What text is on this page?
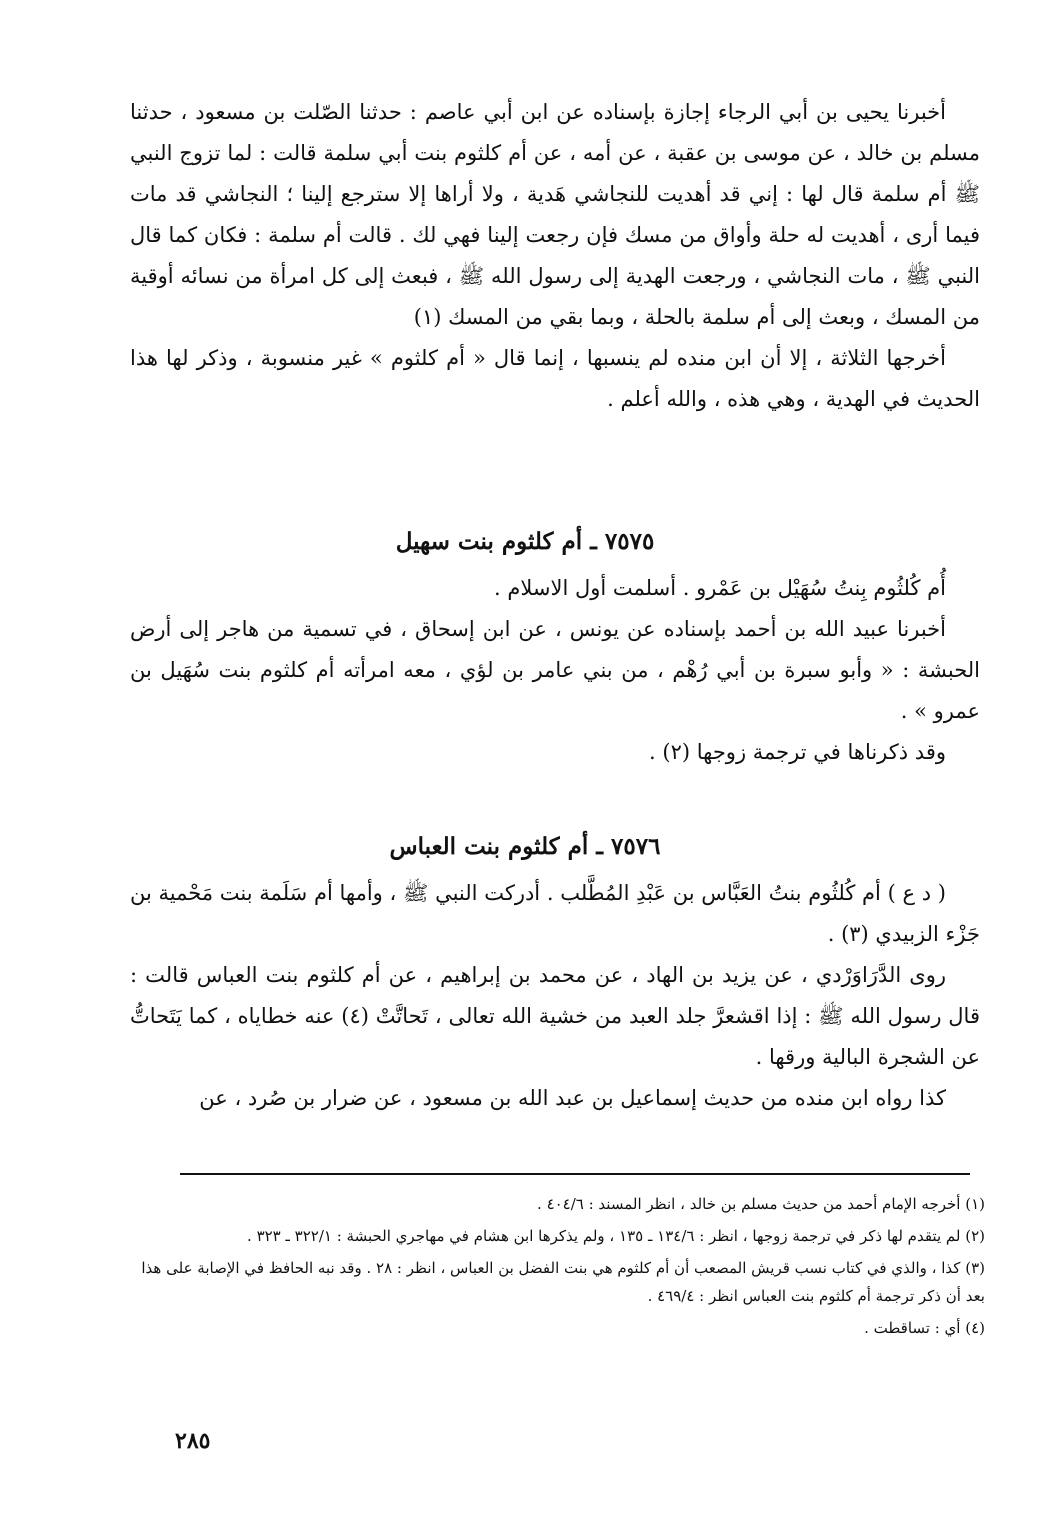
أخبرنا يحيى بن أبي الرجاء إجازة بإسناده عن ابن أبي عاصم : حدثنا الصّلت بن مسعود ، حدثنا مسلم بن خالد ، عن موسى بن عقبة ، عن أمه ، عن أم كلثوم بنت أبي سلمة قالت : لما تزوج النبي ﷺ أم سلمة قال لها : إني قد أهديت للنجاشي هَدية ، ولا أراها إلا سترجع إلينا ؛ النجاشي قد مات فيما أرى ، أهديت له حلة وأواق من مسك فإن رجعت إلينا فهي لك . قالت أم سلمة : فكان كما قال النبي ﷺ ، مات النجاشي ، ورجعت الهدية إلى رسول الله ﷺ ، فبعث إلى كل امرأة من نسائه أوقية من المسك ، وبعث إلى أم سلمة بالحلة ، وبما بقي من المسك (١)

أخرجها الثلاثة ، إلا أن ابن منده لم ينسبها ، إنما قال « أم كلثوم » غير منسوبة ، وذكر لها هذا الحديث في الهدية ، وهي هذه ، والله أعلم .

٧٥٧٥ ـ أم كلثوم بنت سهيل

أُم كُلثُوم بِنتُ سُهَيْل بن عَمْرو . أسلمت أول الاسلام .

أخبرنا عبيد الله بن أحمد بإسناده عن يونس ، عن ابن إسحاق ، في تسمية من هاجر إلى أرض الحبشة : « وأبو سبرة بن أبي رُهْم ، من بني عامر بن لؤي ، معه امرأته أم كلثوم بنت سُهَيل بن عمرو » .

وقد ذكرناها في ترجمة زوجها (٢) .

٧٥٧٦ ـ أم كلثوم بنت العباس

( د ع ) أم كُلثُوم بنتُ العَبَّاس بن عَبْدِ المُطَّلب . أدركت النبي ﷺ ، وأمها أم سَلَمة بنت مَحْمية بن جَزْء الزبيدي (٣) .

روى الدَّرَاوَرْدي ، عن يزيد بن الهاد ، عن محمد بن إبراهيم ، عن أم كلثوم بنت العباس قالت : قال رسول الله ﷺ : إذا اقشعرَّ جلد العبد من خشية الله تعالى ، تَحاتَّتْ (٤) عنه خطاياه ، كما يَتَحاتُّ عن الشجرة البالية ورقها .

كذا رواه ابن منده من حديث إسماعيل بن عبد الله بن مسعود ، عن ضرار بن صُرد ، عن

(١) أخرجه الإمام أحمد من حديث مسلم بن خالد ، انظر المسند : ٤٠٤/٦ .

(٢) لم يتقدم لها ذكر في ترجمة زوجها ، انظر : ١٣٤/٦ ـ ١٣٥ ، ولم يذكرها ابن هشام في مهاجري الحبشة : ٣٢٢/١ ـ ٣٢٣ .

(٣) كذا ، والذي في كتاب نسب قريش المصعب أن أم كلثوم هي بنت الفضل بن العباس ، انظر : ٢٨ . وقد نبه الحافظ في الإصابة على هذا بعد أن ذكر ترجمة أم كلثوم بنت العباس انظر : ٤٦٩/٤ .

(٤) أي : تساقطت .

٢٨٥
